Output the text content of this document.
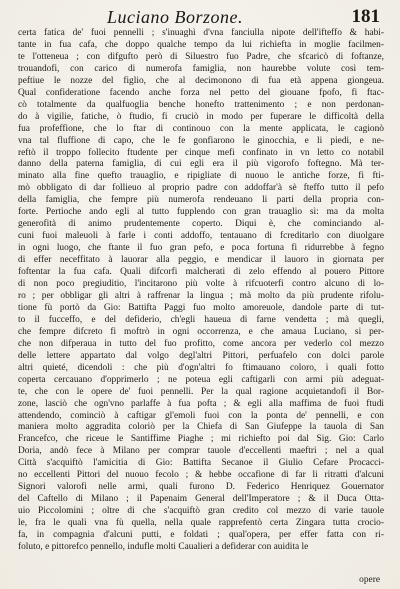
Luciano Borzone.	181
certa fatica de' fuoi pennelli ; s'inuaghì d'vna fanciulla nipote dell'ifteffo & habi-
tante in fua cafa, che doppo qualche tempo da lui richiefta in moglie facilmen-
te l'otteneua ; con difgufto però di Siluestro fuo Padre, che sfcaricò di foftanze,
trouandofi, con carico di numerofa famiglia, non haurebbe volute così tem-
peftiue le nozze del figlio, che al decimonono di fua età appena giongeua.
Qual confideratione facendo anche forza nel petto del giouane fpofo, fi ftac-
cò totalmente da qualfuoglia benche honefto trattenimento ; e non perdonan-
do à vigilie, fatiche, ò ftudio, fi cruciò in modo per fuperare le difficoltà della
fua profeffione, che lo ftar di continouo con la mente applicata, le cagionò
vna tal fluffione di capo, che le fe gonfiarono le ginocchia, e li piedi, e ne-
reftò il troppo follecito ftudente per cinque mefi confinato in vn letto co notabil
danno della paterna famiglia, di cui egli era il più vigorofo foftegno. Mà ter-
minato alla fine quefto trauaglio, e ripigliate di nuouo le antiche forze, fi fti-
mò obbligato di dar follieuo al proprio padre con addoffar'à sè fteffo tutto il pefo
della famiglia, che fempre più numerofa rendeuano li parti della propria con-
forte. Pertioche ando egli al tutto fupplendo con gran trauaglio sì: ma da molta
generofità di animo prudentemente coperto. Diqui è, che cominciando al-
cuni fuoi maleuoli à farle i conti addoffo, tentauano di fcreditarlo con diuolgare
in ogni luogo, che ftante il fuo gran pefo, e poca fortuna fi ridurrebbe à fegno
di effer neceffitato à lauorar alla peggio, e mendicar il lauoro in giornata per
foftentar la fua cafa. Quali difcorfi malcheratì di zelo effendo al pouero Pittore
di non poco pregiuditio, l'incitarono più volte à rifcuoterfi contro alcuno di lo-
ro ; per obbligar gli altri à raffrenar la lingua ; mà molto da più prudente rifolu-
tione fù portò da Gio: Battifta Paggi fuo molto amoreuole, dandole parte di tut-
to il fucceffo, e del defiderio, ch'egli haueua di farne vendetta ; mà quegli,
che fempre difcreto fi moftrò in ogni occorrenza, e che amaua Luciano, si per-
che non difperaua in tutto del fuo profitto, come ancora per vederlo col mezzo
delle lettere appartato dal volgo degl'altri Pittori, perfuafelo con dolci parole
altri quieté, dicendoli : che più d'ogn'altri fo ftimauano coloro, i quali fotto
coperta cercauano d'opprimerlo ; ne poteua egli caftigarli con armi più adeguat-
te, che con le opere de' fuoi pennelli. Per la qual ragione acquietandofi il Bor-
zone, lasciò che ogn'vno parlaffe à fua pofta ; & egli alla maffima de fuoi ftudi
attendendo, cominciò à caftigar gl'emoli fuoi con la ponta de' pennelli, e con
maniera molto aggradita coloriò per la Chiefa di San Giufeppe la tauola di San
Francefco, che riceue le Santiffime Piaghe ; mi richiefto poi dal Sig. Gio: Carlo
Doria, andò fece à Milano per comprar tauole d'eccellenti maeftri ; nel a qual
Città s'acquiftò l'amicitia di Gio: Battifta Secanoe il Giulio Cefare Procacci-
no eccellenti Pittori del nuouo fecolo ; & hebbe occafione di far li ritratti d'alcuni
Signori valorofi nelle armi, quali furono D. Federico Henriquez Gouernator
del Caftello di Milano ; il Papenaim General dell'Imperatore ; & il Duca Otta-
uio Piccolomini ; oltre di che s'acquiftò gran credito col mezzo di varie tauole
le, fra le quali vna fù quella, nella quale rapprefentò certa Zingara tutta crocio-
fa, in compagnia d'alcuni putti, e foldati ; qual'opera, per effer fatta con ri-
foluto, e pittorefco pennello, indufle molti Caualieri a defiderar con auidita le
opere
